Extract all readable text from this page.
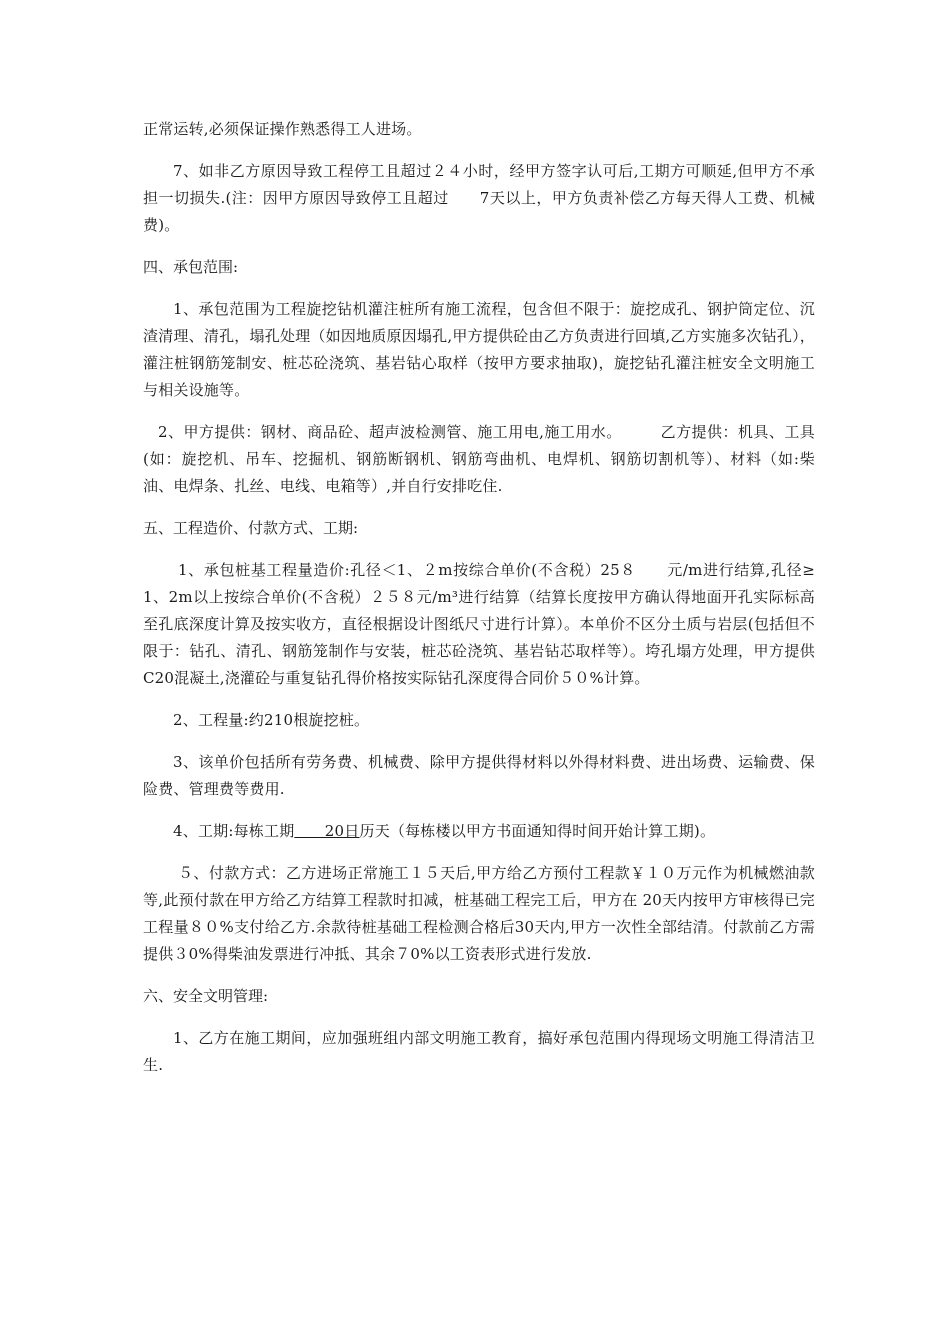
正常运转,必须保证操作熟悉得工人进场。

7、如非乙方原因导致工程停工且超过２４小时，经甲方签字认可后,工期方可顺延,但甲方不承担一切损失.(注：因甲方原因导致停工且超过　　7天以上，甲方负责补偿乙方每天得人工费、机械费)。

四、承包范围:

1、承包范围为工程旋挖钻机灌注桩所有施工流程，包含但不限于：旋挖成孔、钢护筒定位、沉渣清理、清孔，塌孔处理（如因地质原因塌孔,甲方提供砼由乙方负责进行回填,乙方实施多次钻孔），灌注桩钢筋笼制安、桩芯砼浇筑、基岩钻心取样（按甲方要求抽取)，旋挖钻孔灌注桩安全文明施工与相关设施等。

2、甲方提供：钢材、商品砼、超声波检测管、施工用电,施工用水。　　　乙方提供：机具、工具(如：旋挖机、吊车、挖掘机、钢筋断钢机、钢筋弯曲机、电焊机、钢筋切割机等）、材料（如:柴油、电焊条、扎丝、电线、电箱等）,并自行安排吃住.

五、工程造价、付款方式、工期:

1、承包桩基工程量造价:孔径＜1、２m按综合单价(不含税）25８　　元/m进行结算,孔径≥1、2m以上按综合单价(不含税）２５８元/m³进行结算（结算长度按甲方确认得地面开孔实际标高至孔底深度计算及按实收方，直径根据设计图纸尺寸进行计算）。本单价不区分土质与岩层(包括但不限于：钻孔、清孔、钢筋笼制作与安装，桩芯砼浇筑、基岩钻芯取样等）。垮孔塌方处理，甲方提供C20混凝土,浇灌砼与重复钻孔得价格按实际钻孔深度得合同价５０%计算。

2、工程量:约210根旋挖桩。

3、该单价包括所有劳务费、机械费、除甲方提供得材料以外得材料费、进出场费、运输费、保险费、管理费等费用.

4、工期:每栋工期　　20日历天（每栋楼以甲方书面通知得时间开始计算工期)。

５、付款方式：乙方进场正常施工１５天后,甲方给乙方预付工程款￥１０万元作为机械燃油款等,此预付款在甲方给乙方结算工程款时扣减，桩基础工程完工后，甲方在 20天内按甲方审核得已完工程量８０%支付给乙方.余款待桩基础工程检测合格后30天内,甲方一次性全部结清。付款前乙方需提供３0%得柴油发票进行冲抵、其余７0%以工资表形式进行发放.

六、安全文明管理:

1、乙方在施工期间，应加强班组内部文明施工教育，搞好承包范围内得现场文明施工得清洁卫生.
